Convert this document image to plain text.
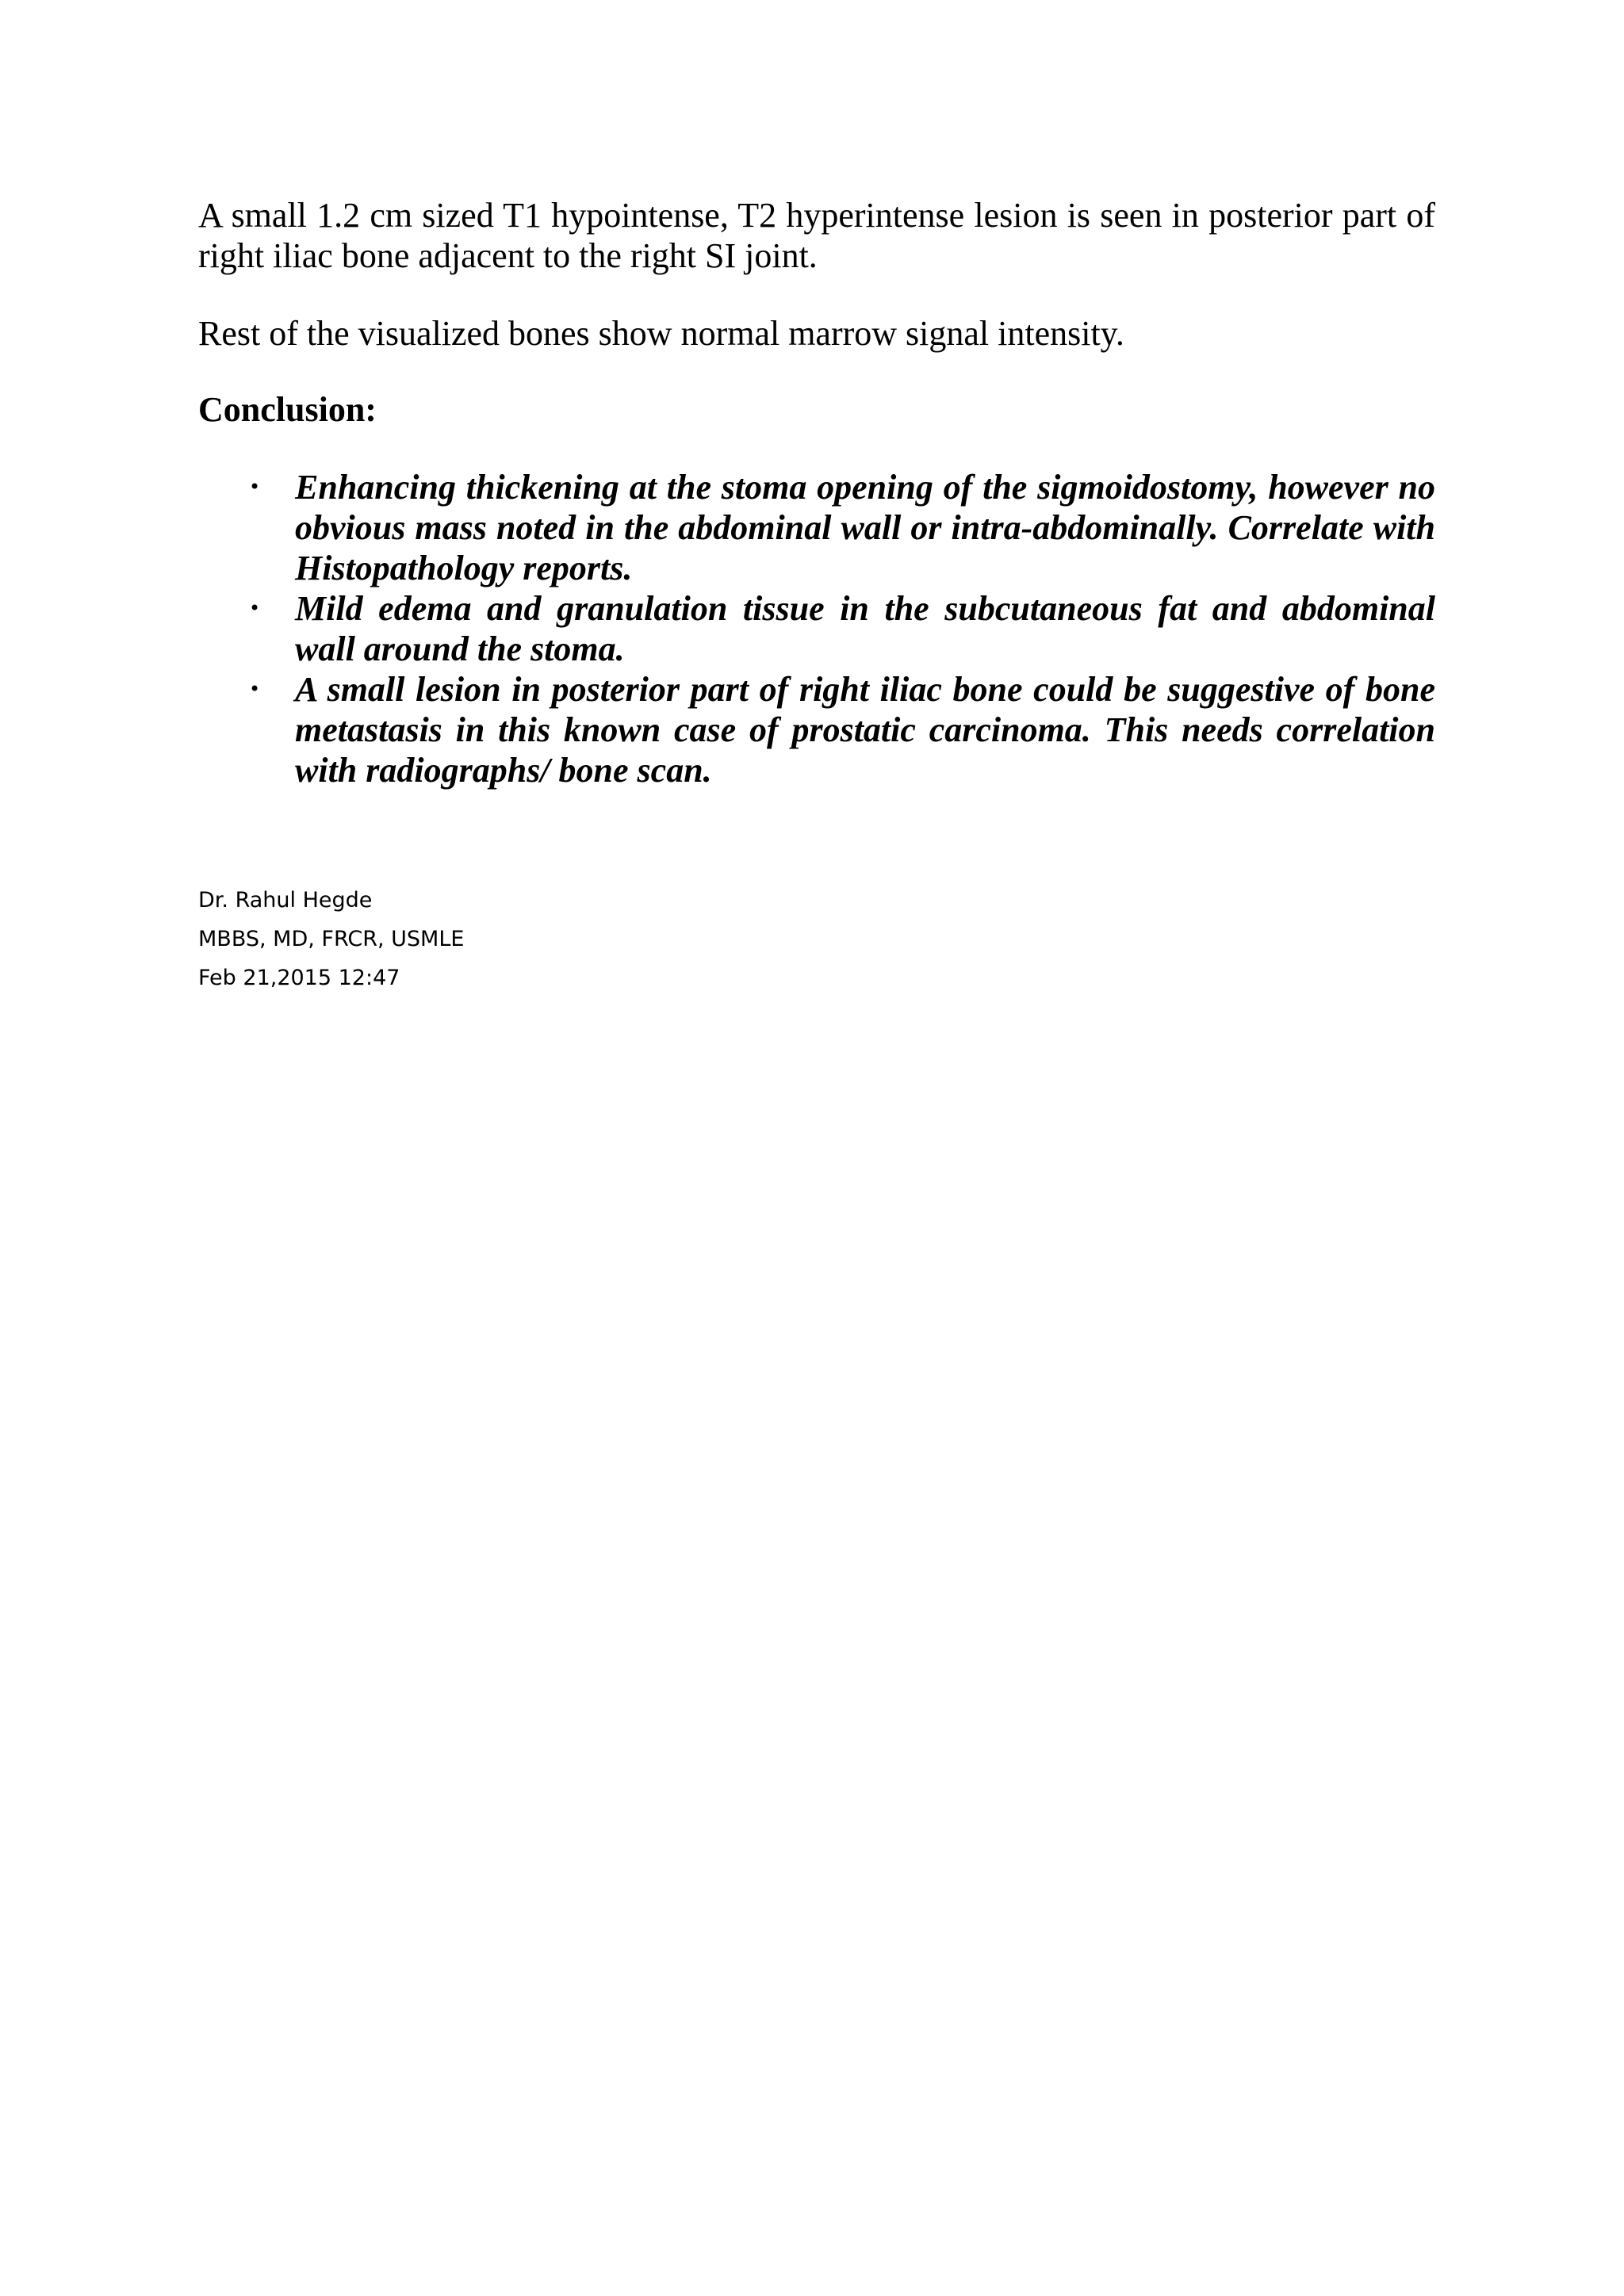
A small 1.2 cm sized T1 hypointense, T2 hyperintense lesion is seen in posterior part of right iliac bone adjacent to the right SI joint.

Rest of the visualized bones show normal marrow signal intensity.

Conclusion:

• Enhancing thickening at the stoma opening of the sigmoidostomy, however no obvious mass noted in the abdominal wall or intra-abdominally. Correlate with Histopathology reports.
• Mild edema and granulation tissue in the subcutaneous fat and abdominal wall around the stoma.
• A small lesion in posterior part of right iliac bone could be suggestive of bone metastasis in this known case of prostatic carcinoma. This needs correlation with radiographs/ bone scan.
Dr. Rahul Hegde
MBBS, MD, FRCR, USMLE
Feb 21,2015 12:47
